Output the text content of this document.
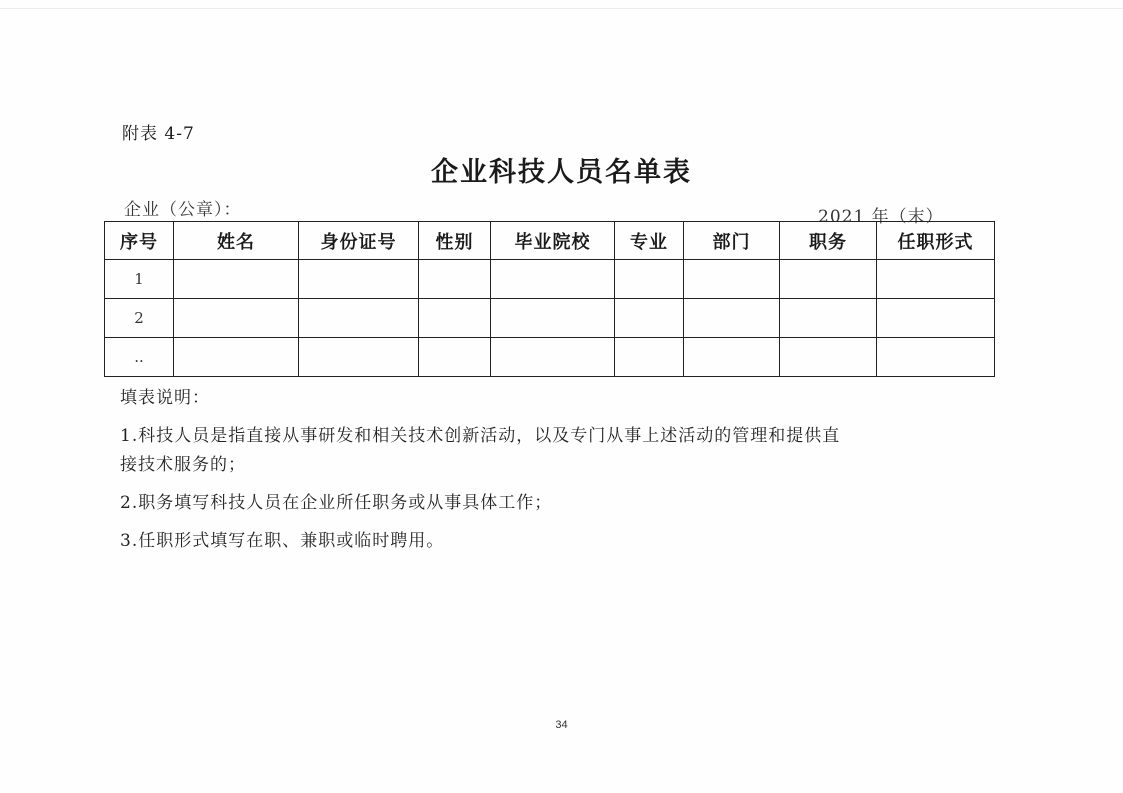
附表 4-7
企业科技人员名单表
企业（公章）：	2021 年（末）
序号	姓名	身份证号	性别	毕业院校	专业	部门	职务	任职形式
1								
2								
..								
填表说明：
1.科技人员是指直接从事研发和相关技术创新活动，以及专门从事上述活动的管理和提供直
接技术服务的；
2.职务填写科技人员在企业所任职务或从事具体工作；
3.任职形式填写在职、兼职或临时聘用。
34
